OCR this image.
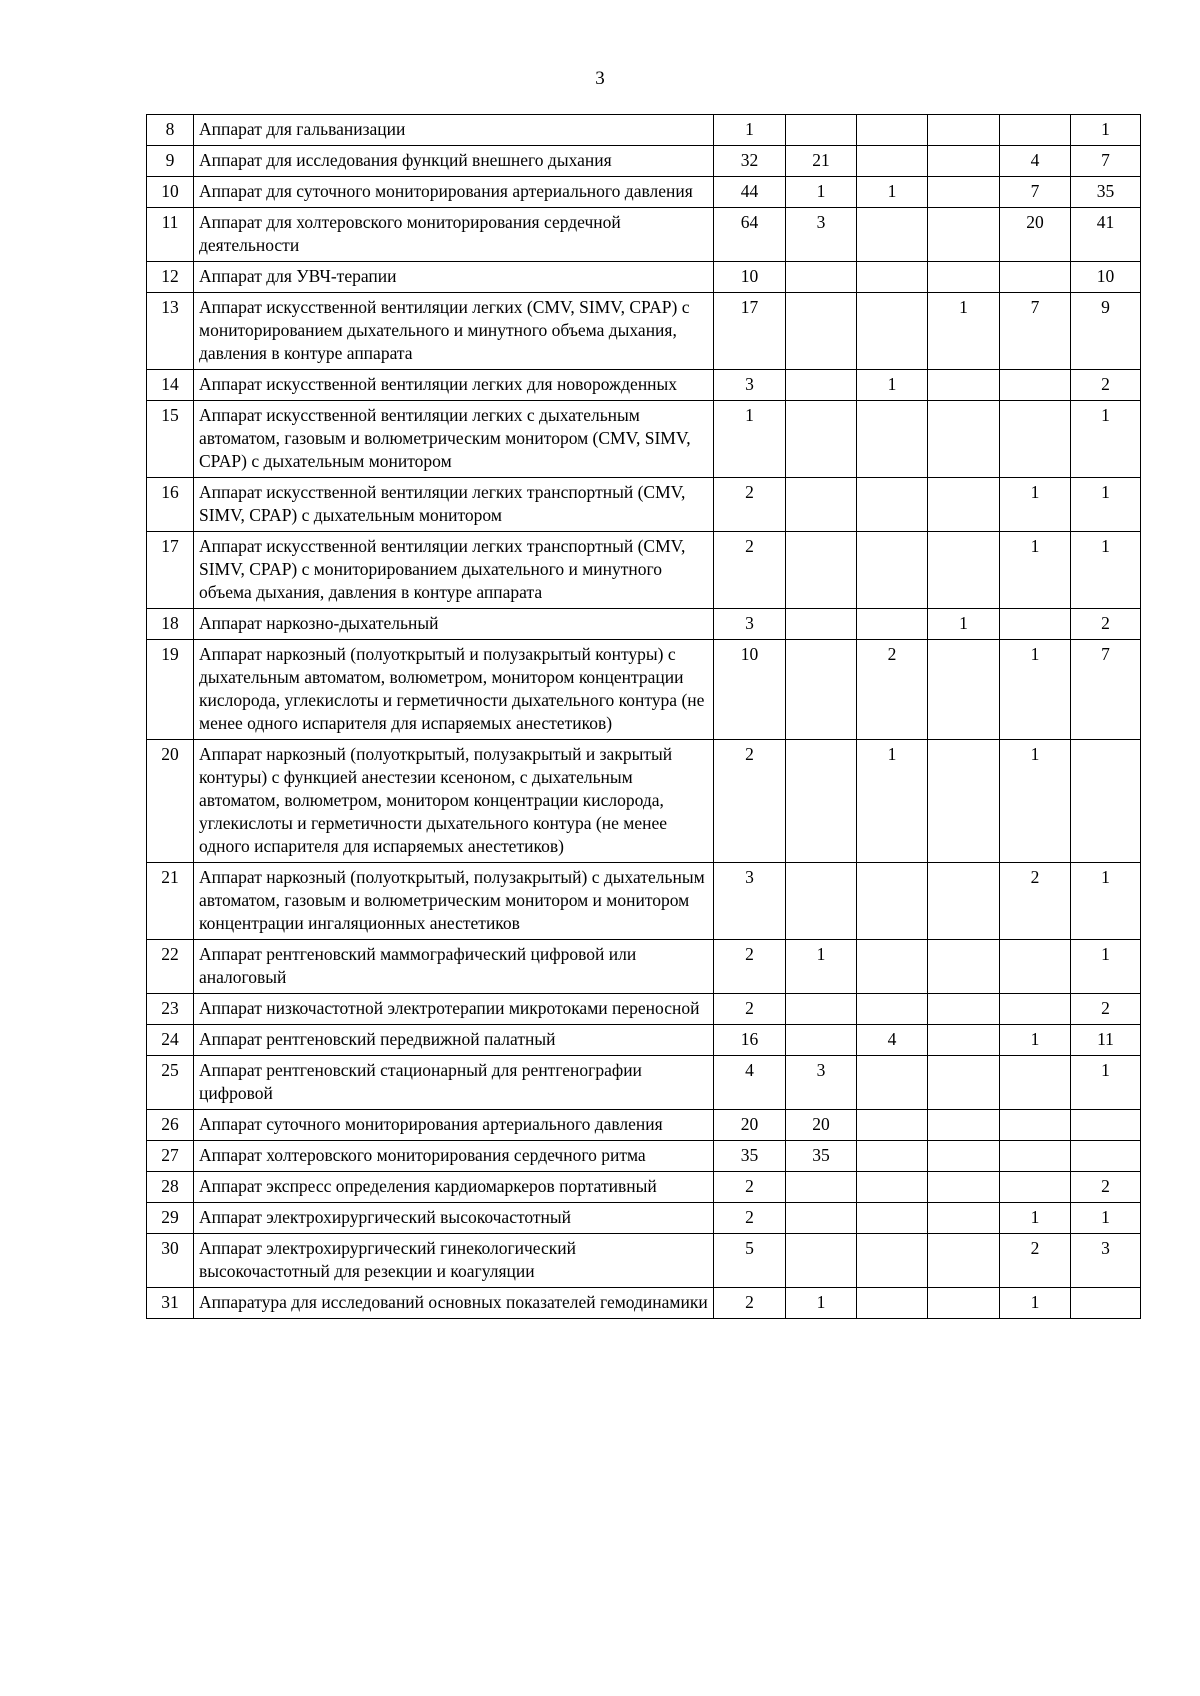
3
8	Аппарат для гальванизации	1					1
9	Аппарат для исследования функций внешнего дыхания	32	21			4	7
10	Аппарат для суточного мониторирования артериального давления	44	1	1		7	35
11	Аппарат для холтеровского мониторирования сердечной деятельности	64	3			20	41
12	Аппарат для УВЧ-терапии	10					10
13	Аппарат искусственной вентиляции легких (CMV, SIMV, CPAP) с мониторированием дыхательного и минутного объема дыхания, давления в контуре аппарата	17			1	7	9
14	Аппарат искусственной вентиляции легких для новорожденных	3		1			2
15	Аппарат искусственной вентиляции легких с дыхательным автоматом, газовым и волюметрическим монитором (CMV, SIMV, CPAP) с дыхательным монитором	1					1
16	Аппарат искусственной вентиляции легких транспортный (CMV, SIMV, CPAP) с дыхательным монитором	2				1	1
17	Аппарат искусственной вентиляции легких транспортный (CMV, SIMV, CPAP) с мониторированием дыхательного и минутного объема дыхания, давления в контуре аппарата	2				1	1
18	Аппарат наркозно-дыхательный	3			1		2
19	Аппарат наркозный (полуоткрытый и полузакрытый контуры) с дыхательным автоматом, волюметром, монитором концентрации кислорода, углекислоты и герметичности дыхательного контура (не менее одного испарителя для испаряемых анестетиков)	10		2		1	7
20	Аппарат наркозный (полуоткрытый, полузакрытый и закрытый контуры) с функцией анестезии ксеноном, с дыхательным автоматом, волюметром, монитором концентрации кислорода, углекислоты и герметичности дыхательного контура (не менее одного испарителя для испаряемых анестетиков)	2		1		1	
21	Аппарат наркозный (полуоткрытый, полузакрытый) с дыхательным автоматом, газовым и волюметрическим монитором и монитором концентрации ингаляционных анестетиков	3				2	1
22	Аппарат рентгеновский маммографический цифровой или аналоговый	2	1				1
23	Аппарат низкочастотной электротерапии микротоками переносной	2					2
24	Аппарат рентгеновский передвижной палатный	16		4		1	11
25	Аппарат рентгеновский стационарный для рентгенографии цифровой	4	3				1
26	Аппарат суточного мониторирования артериального давления	20	20				
27	Аппарат холтеровского мониторирования сердечного ритма	35	35				
28	Аппарат экспресс определения кардиомаркеров портативный	2					2
29	Аппарат электрохирургический высокочастотный	2				1	1
30	Аппарат электрохирургический гинекологический высокочастотный для резекции и коагуляции	5				2	3
31	Аппаратура для исследований основных показателей гемодинамики	2	1			1	
